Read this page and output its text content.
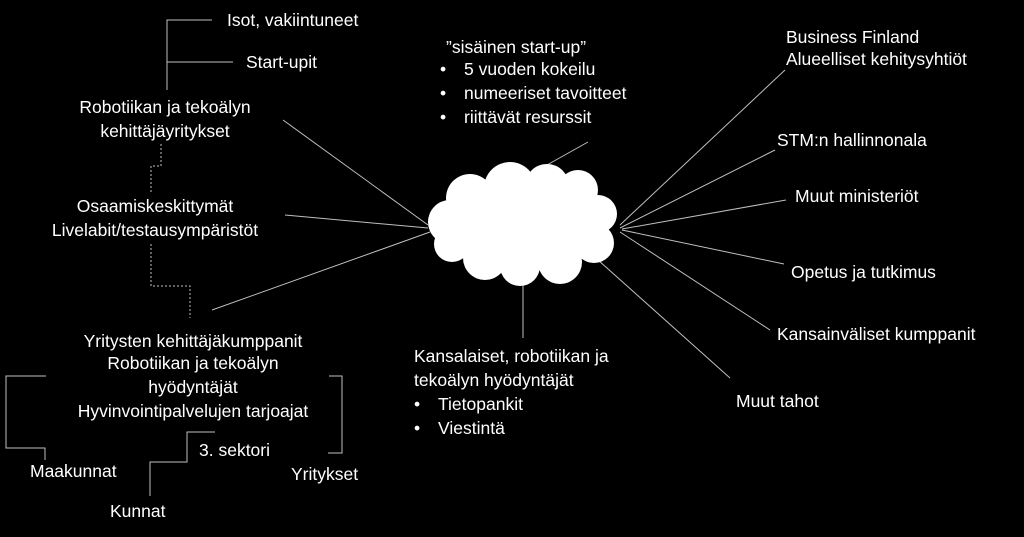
”sisäinen start-up”
• 5 vuoden kokeilu
• numeeriset tavoitteet
• riittävät resurssit
Isot, vakiintuneet
Start-upit
Robotiikan ja tekoälyn
kehittäjäyritykset
Osaamiskeskittymät
Livelabit/testausympäristöt
Yritysten kehittäjäkumppanit
Robotiikan ja tekoälyn
hyödyntäjät
Hyvinvointipalvelujen tarjoajat
Maakunnat
3. sektori
Yritykset
Kunnat
Kansalaiset, robotiikan ja
tekoälyn hyödyntäjät
• Tietopankit
• Viestintä
Business Finland
Alueelliset kehitysyhtiöt
STM:n hallinnonala
Muut ministeriöt
Opetus ja tutkimus
Kansainväliset kumppanit
Muut tahot
